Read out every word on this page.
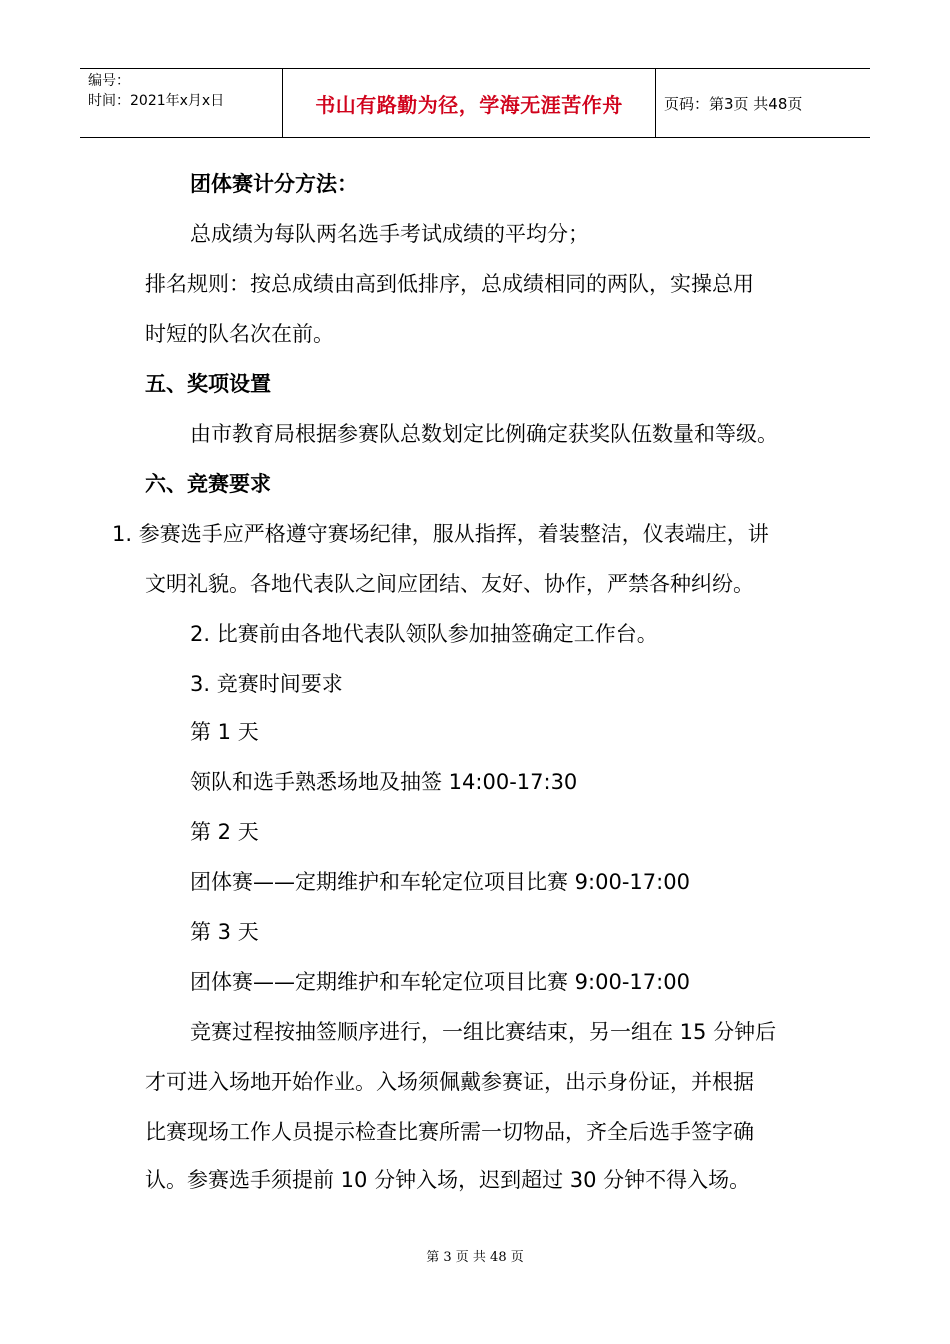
编号：
时间：2021年x月x日	书山有路勤为径，学海无涯苦作舟	页码：第3页 共48页
团体赛计分方法：
总成绩为每队两名选手考试成绩的平均分；
排名规则：按总成绩由高到低排序，总成绩相同的两队，实操总用
时短的队名次在前。
五、奖项设置
由市教育局根据参赛队总数划定比例确定获奖队伍数量和等级。
六、竞赛要求
1. 参赛选手应严格遵守赛场纪律，服从指挥，着装整洁，仪表端庄，讲
文明礼貌。各地代表队之间应团结、友好、协作，严禁各种纠纷。
2. 比赛前由各地代表队领队参加抽签确定工作台。
3. 竞赛时间要求
第 1 天
领队和选手熟悉场地及抽签 14:00-17:30
第 2 天
团体赛——定期维护和车轮定位项目比赛 9:00-17:00
第 3 天
团体赛——定期维护和车轮定位项目比赛 9:00-17:00
竞赛过程按抽签顺序进行，一组比赛结束，另一组在 15 分钟后
才可进入场地开始作业。入场须佩戴参赛证，出示身份证，并根据
比赛现场工作人员提示检查比赛所需一切物品，齐全后选手签字确
认。参赛选手须提前 10 分钟入场，迟到超过 30 分钟不得入场。
第 3 页 共 48 页
